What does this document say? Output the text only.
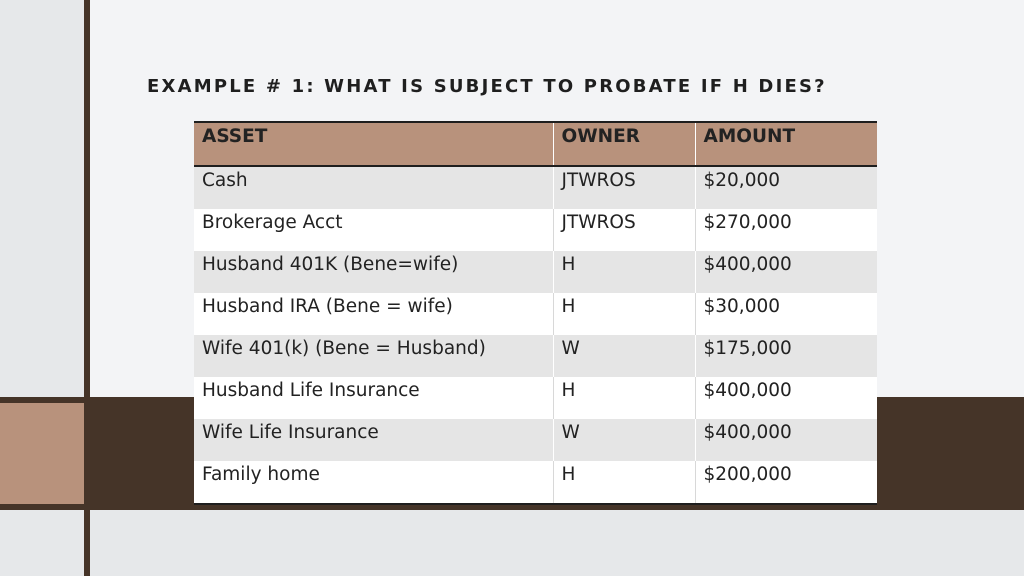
EXAMPLE # 1: WHAT IS SUBJECT TO PROBATE IF H DIES?
ASSET	OWNER	AMOUNT
Cash	JTWROS	$20,000
Brokerage Acct	JTWROS	$270,000
Husband 401K (Bene=wife)	H	$400,000
Husband IRA (Bene = wife)	H	$30,000
Wife 401(k) (Bene = Husband)	W	$175,000
Husband Life Insurance	H	$400,000
Wife Life Insurance	W	$400,000
Family home	H	$200,000
